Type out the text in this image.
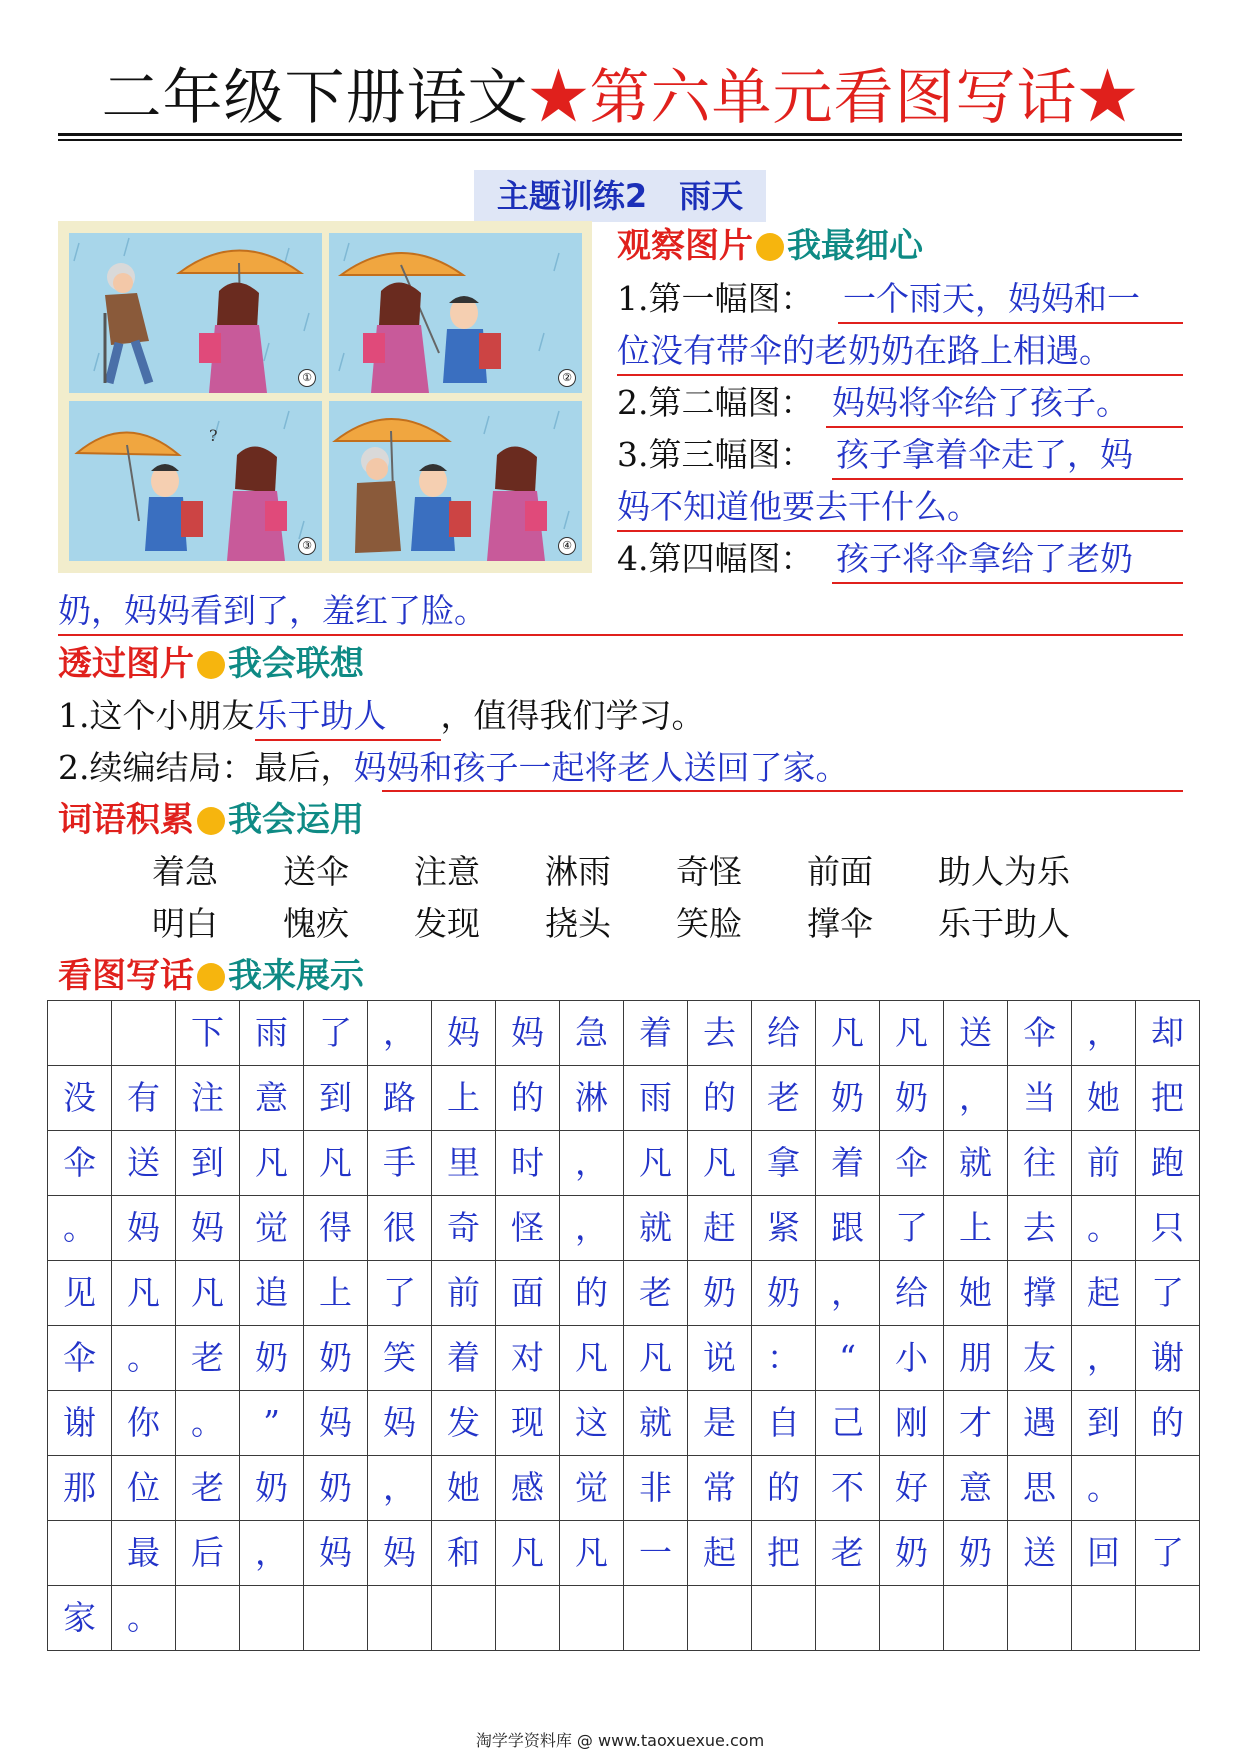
二年级下册语文★第六单元看图写话★
主题训练2　雨天
①	②
?
③	④
观察图片 我最细心
1.第一幅图： 一个雨天，妈妈和一
位没有带伞的老奶奶在路上相遇。
2.第二幅图： 妈妈将伞给了孩子。
3.第三幅图： 孩子拿着伞走了，妈
妈不知道他要去干什么。
4.第四幅图： 孩子将伞拿给了老奶
奶，妈妈看到了，羞红了脸。
透过图片 我会联想
1.这个小朋友乐于助人 ，值得我们学习。
2.续编结局：最后，妈妈和孩子一起将老人送回了家。
词语积累 我会运用
着急 送伞 注意 淋雨 奇怪 前面 助人为乐
明白 愧疚 发现 挠头 笑脸 撑伞 乐于助人
看图写话 我来展示
		下	雨	了	，	妈	妈	急	着	去	给	凡	凡	送	伞	，	却
没	有	注	意	到	路	上	的	淋	雨	的	老	奶	奶	，	当	她	把
伞	送	到	凡	凡	手	里	时	，	凡	凡	拿	着	伞	就	往	前	跑
。	妈	妈	觉	得	很	奇	怪	，	就	赶	紧	跟	了	上	去	。	只
见	凡	凡	追	上	了	前	面	的	老	奶	奶	，	给	她	撑	起	了
伞	。	老	奶	奶	笑	着	对	凡	凡	说	：	“	小	朋	友	，	谢
谢	你	。	”	妈	妈	发	现	这	就	是	自	己	刚	才	遇	到	的
那	位	老	奶	奶	，	她	感	觉	非	常	的	不	好	意	思	。	
	最	后	，	妈	妈	和	凡	凡	一	起	把	老	奶	奶	送	回	了
家	。																
淘学学资料库 @ www.taoxuexue.com
